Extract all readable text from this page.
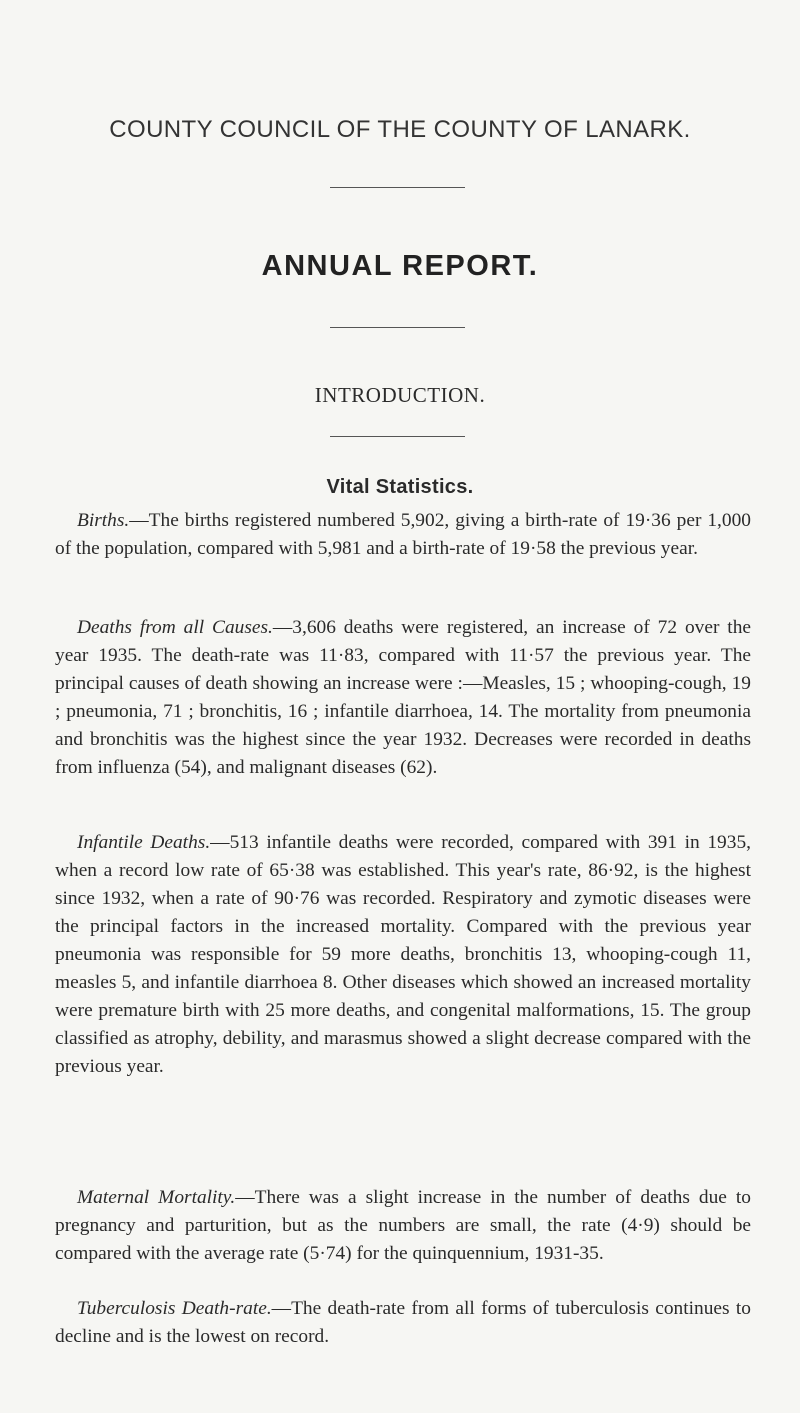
COUNTY COUNCIL OF THE COUNTY OF LANARK.
ANNUAL REPORT.
INTRODUCTION.
Vital Statistics.

Births.—The births registered numbered 5,902, giving a birth-rate of 19·36 per 1,000 of the population, compared with 5,981 and a birth-rate of 19·58 the previous year.

Deaths from all Causes.—3,606 deaths were registered, an increase of 72 over the year 1935. The death-rate was 11·83, compared with 11·57 the previous year. The principal causes of death showing an increase were :—Measles, 15 ; whooping-cough, 19 ; pneumonia, 71 ; bronchitis, 16 ; infantile diarrhoea, 14. The mortality from pneumonia and bronchitis was the highest since the year 1932. Decreases were recorded in deaths from influenza (54), and malignant diseases (62).

Infantile Deaths.—513 infantile deaths were recorded, compared with 391 in 1935, when a record low rate of 65·38 was established. This year's rate, 86·92, is the highest since 1932, when a rate of 90·76 was recorded. Respiratory and zymotic diseases were the principal factors in the increased mortality. Compared with the previous year pneumonia was responsible for 59 more deaths, bronchitis 13, whooping-cough 11, measles 5, and infantile diarrhoea 8. Other diseases which showed an increased mortality were premature birth with 25 more deaths, and congenital malformations, 15. The group classified as atrophy, debility, and marasmus showed a slight decrease compared with the previous year.

Maternal Mortality.—There was a slight increase in the number of deaths due to pregnancy and parturition, but as the numbers are small, the rate (4·9) should be compared with the average rate (5·74) for the quinquennium, 1931-35.

Tuberculosis Death-rate.—The death-rate from all forms of tuberculosis continues to decline and is the lowest on record.
